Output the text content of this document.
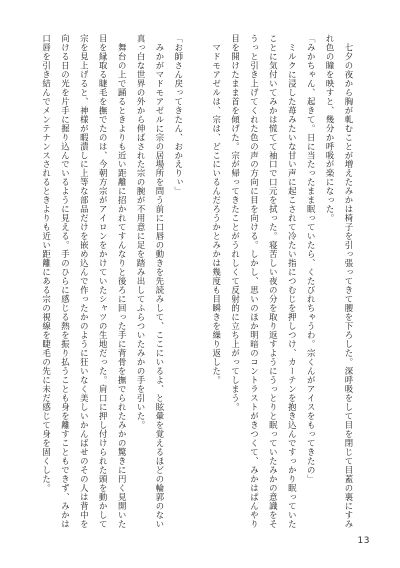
　七夕の夜から胸が軋むことが増えたみかは椅子を引っ張ってきて腰を下ろした。深呼吸をして目を閉じて目蓋の裏にすみれ色の瞳を映すと、幾分か呼吸が楽になった。

「みかちゃん、起きて。日に当たったまま眠っていたら、くたびれちゃうわ。宗くんがアイスをもってきたの」

　ミルクに浸した苺みたいな甘い声に起こされて冷たい指につむじを押しつけ、カーテンを抱き込んですっかり眠っていたことに気付いてみかは慌てて袖口で口元を拭った。寝苦しい夜の分を取り返すようにうっとりと眠っていたみかの意識をそうっと引き上げてくれた色の声の方向に目を向ける。しかし、思いのほか明暗のコントラストがきつくて、みかはぱんやり目を開けたまま首を傾げた。宗が帰ってきたことがうれしくて反射的に立ち上がってしまう。

　マドモアゼルは、宗は、どこにいるんだろうかとみかは幾度も目瞬きを繰り返した。

「お師さん戻ってきたん、おかえりぃ」

　みかがマドモアゼルに宗の居場所を問う前に口唇の動きを先読みして、ここにいるよ、と眩暈を覚えるほどの輪郭のない真っ白な世界の外から伸ばされた宗の腕が不用意に足を踏み出してふらついたみかの手を引いた。

　舞台の上で踊るときよりも近い距離に招かれてすんなりと後ろに回った手に背骨を撫でられたみかの驚きに円く見開いた目を縁取る睫毛を撫でたのは、今朝方宗がアイロンをかけていたシャツの生地だった。肩口に押し付けられた頭を動かして宗を見上げると、神様が暇潰しに上等な部品だけを嵌め込んで作ったかのように狂いなく美しいかんばせのその人は背中を向ける日の光を片手に握り込んでいるように見える。手のひらに感じる熱を振り払うことも身を離すこともできず、みかは口唇を引き結んでメンテナンスされるときよりも近い距離にある宗の視線を睫毛の先に未だ感じて身を固くした。

13
